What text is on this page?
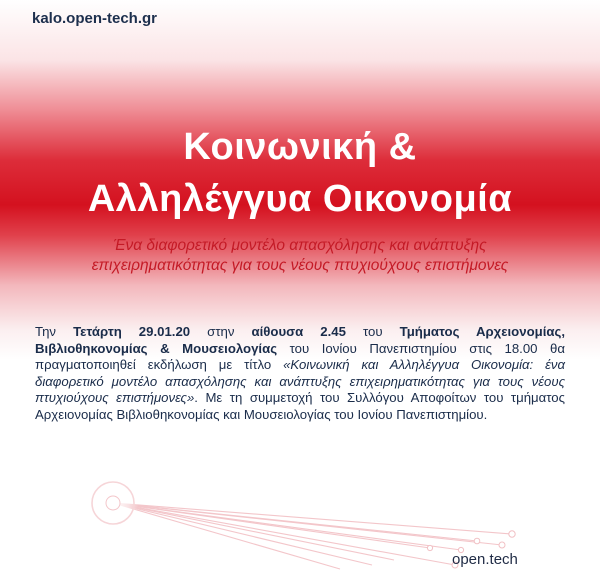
kalo.open-tech.gr
Κοινωνική &
Αλληλέγγυα Οικονομία
Ένα διαφορετικό μοντέλο απασχόλησης και ανάπτυξης
επιχειρηματικότητας για τους νέους πτυχιούχους επιστήμονες
Την Τετάρτη 29.01.20 στην αίθουσα 2.45 του Τμήματος Αρχειονομίας, Βιβλιοθηκονομίας & Μουσειολογίας του Ιονίου Πανεπιστημίου στις 18.00 θα πραγματοποιηθεί εκδήλωση με τίτλο «Κοινωνική και Αλληλέγγυα Οικονομία: ένα διαφορετικό μοντέλο απασχόλησης και ανάπτυξης επιχειρηματικότητας για τους νέους πτυχιούχους επιστήμονες». Με τη συμμετοχή του Συλλόγου Αποφοίτων του τμήματος Αρχειονομίας Βιβλιοθηκονομίας και Μουσειολογίας του Ιονίου Πανεπιστημίου.
open.tech
